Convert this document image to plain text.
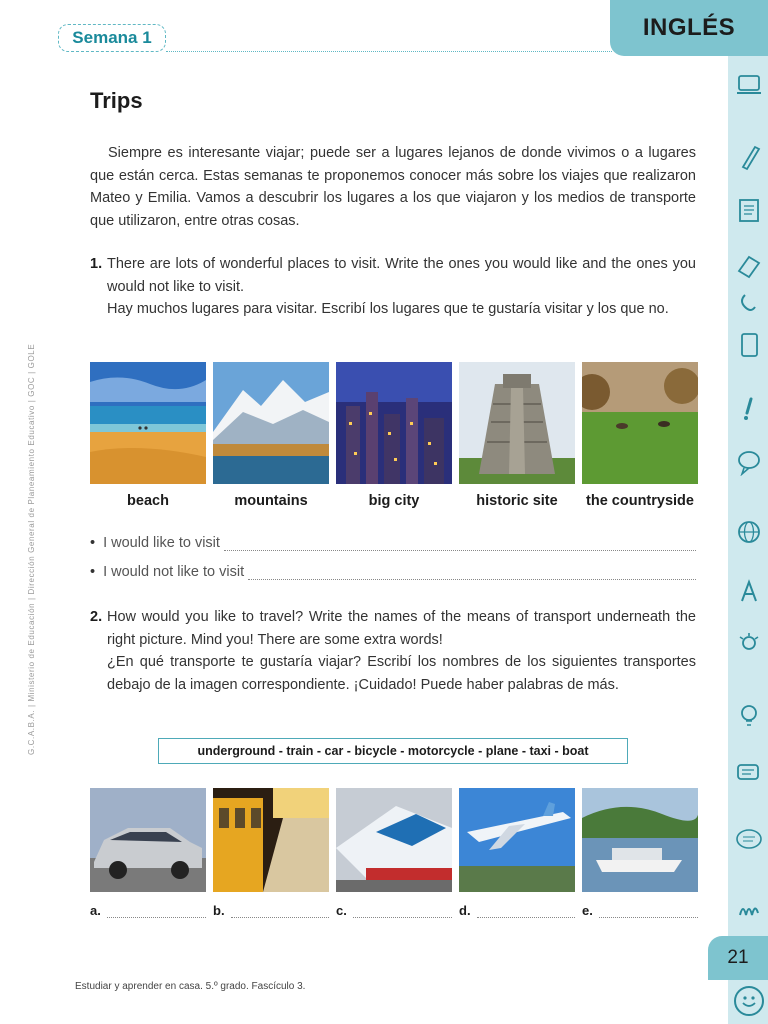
Semana 1	INGLÉS
21
G.C.A.B.A. | Ministerio de Educación | Dirección General de Planeamiento Educativo | GOC | GOLE
Trips

Siempre es interesante viajar; puede ser a lugares lejanos de donde vivimos o a lugares que están cerca. Estas semanas te proponemos conocer más sobre los viajes que realizaron Mateo y Emilia. Vamos a descubrir los lugares a los que viajaron y los medios de transporte que utilizaron, entre otras cosas.

1. There are lots of wonderful places to visit. Write the ones you would like and the ones you would not like to visit.

Hay muchos lugares para visitar. Escribí los lugares que te gustaría visitar y los que no.

beach	mountains	big city	historic site	the countryside
• I would like to visit
• I would not like to visit
2. How would you like to travel? Write the names of the means of transport underneath the right picture. Mind you! There are some extra words!

¿En qué transporte te gustaría viajar? Escribí los nombres de los siguientes transportes debajo de la imagen correspondiente. ¡Cuidado! Puede haber palabras de más.

underground - train - car - bicycle - motorcycle - plane - taxi - boat
a.	b.	c.	d.	e.
Estudiar y aprender en casa. 5.º grado. Fascículo 3.
